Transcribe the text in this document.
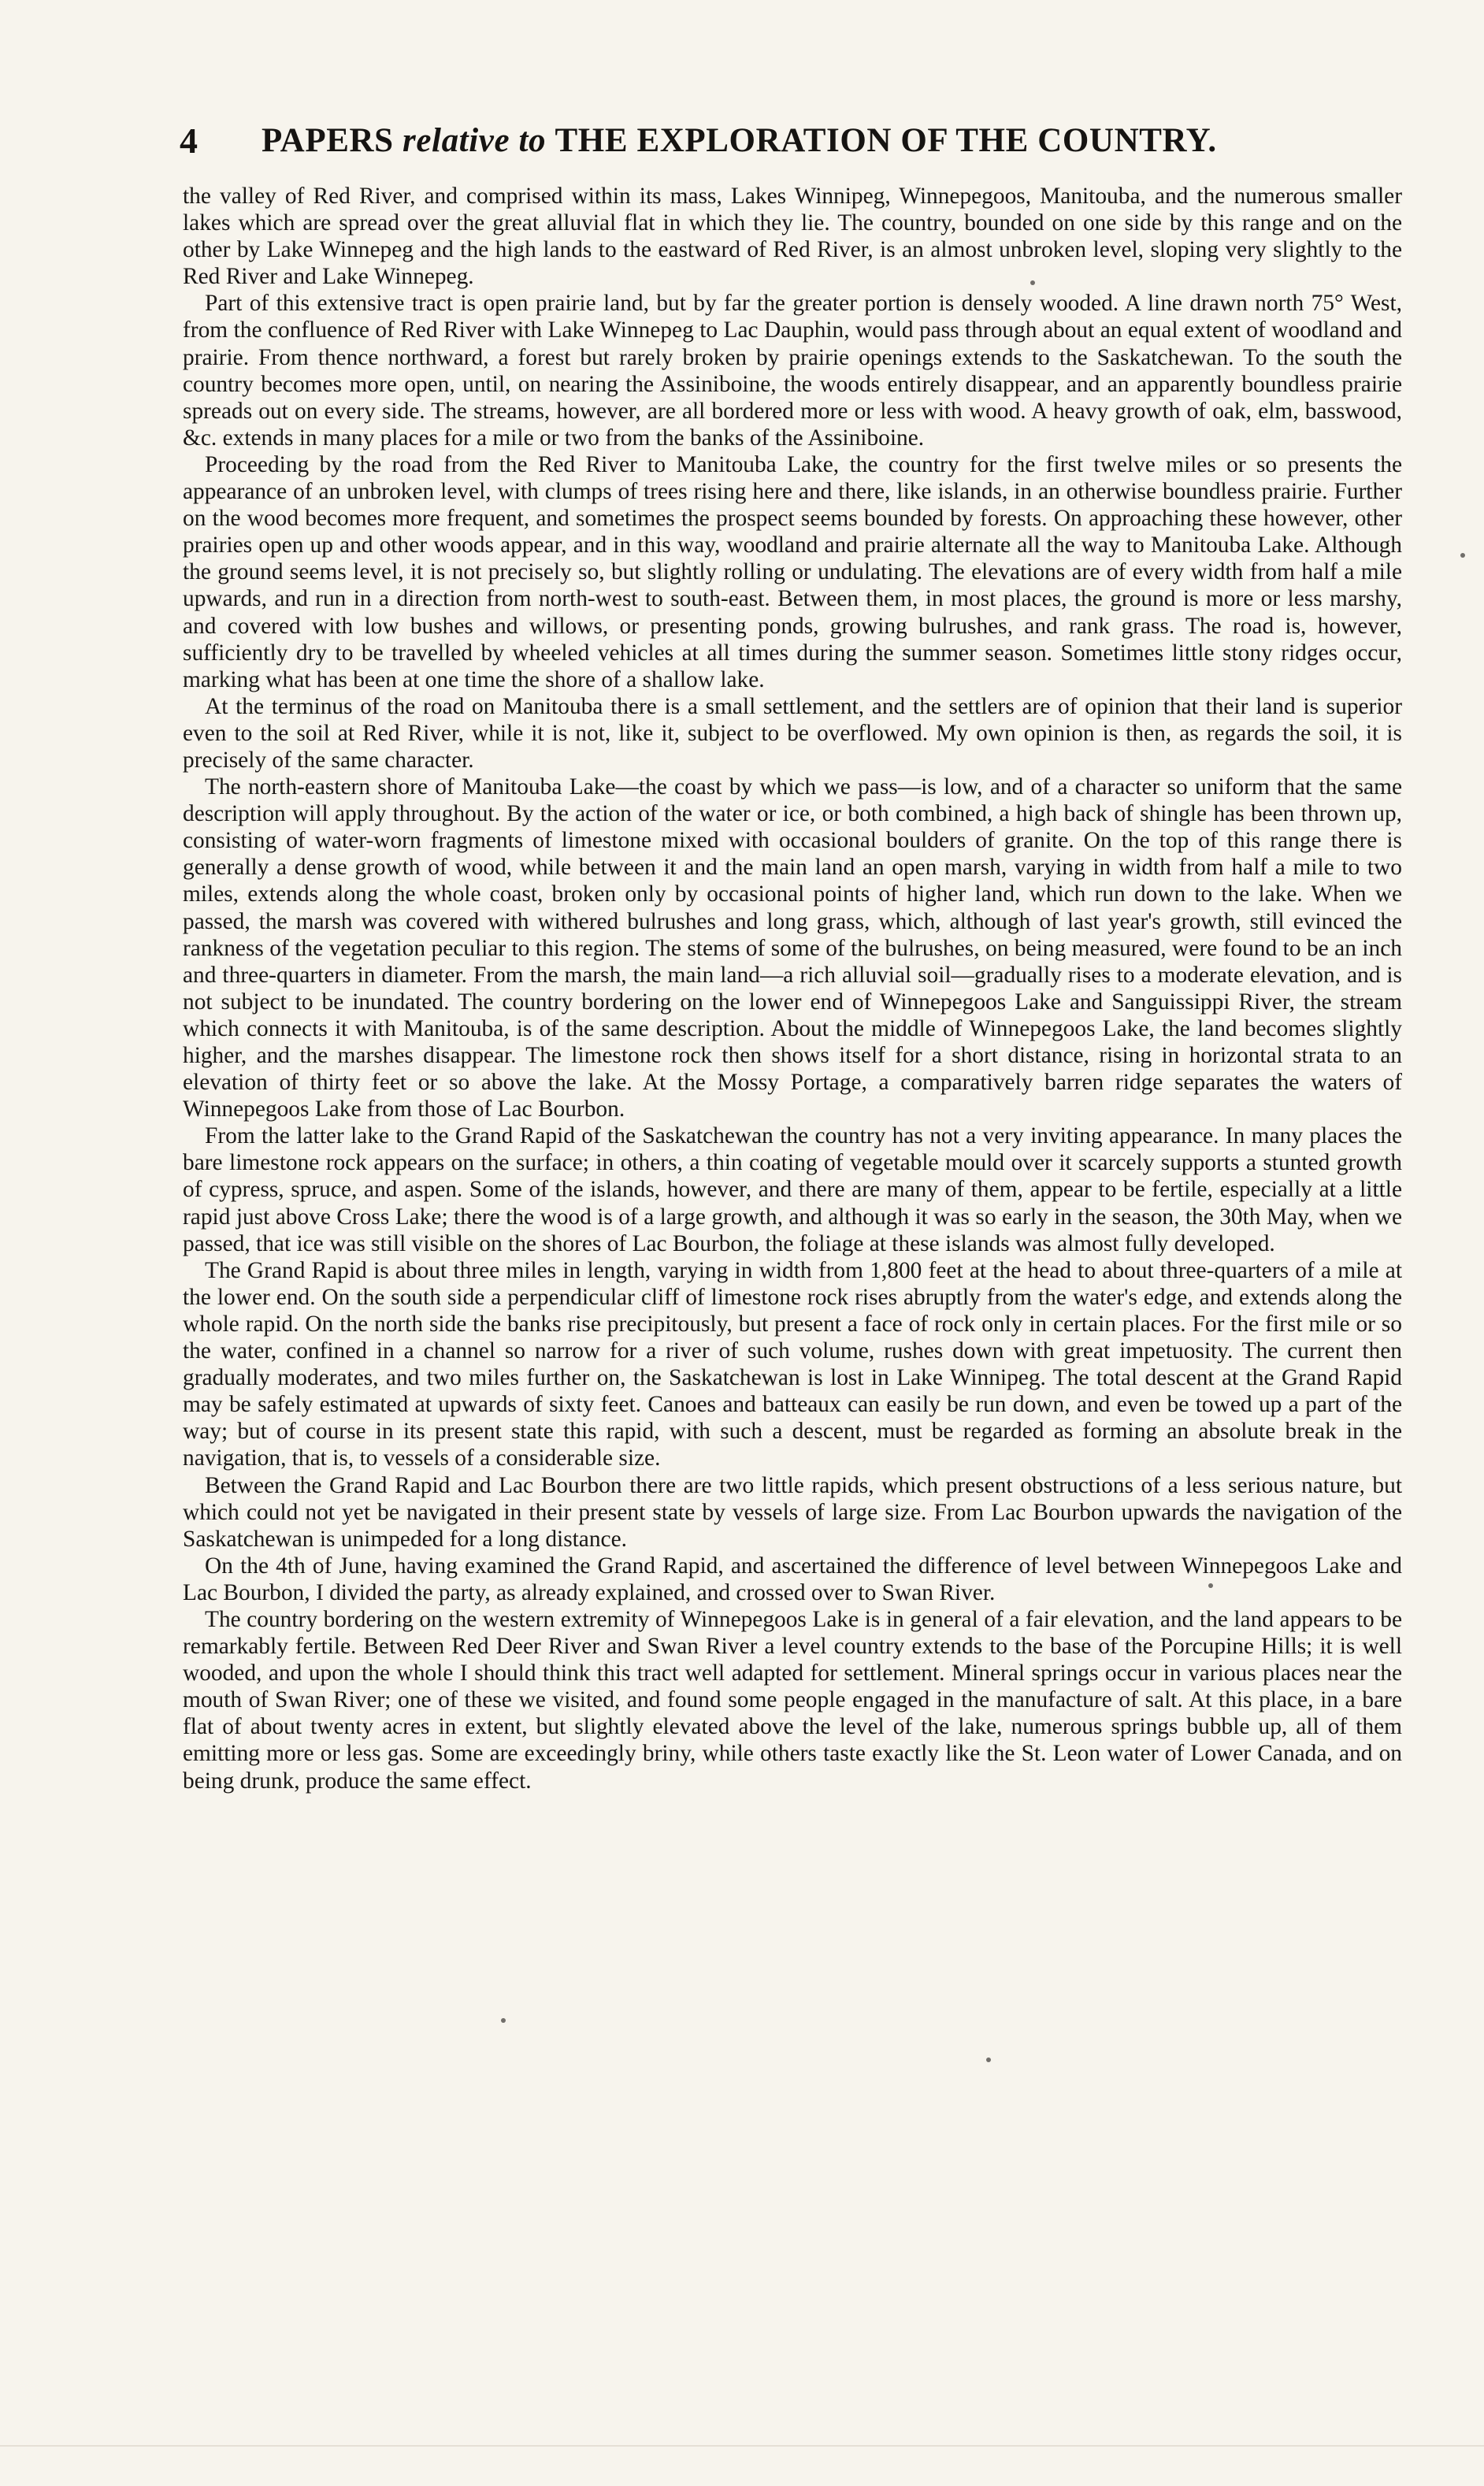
4 PAPERS relative to THE EXPLORATION OF THE COUNTRY.

the valley of Red River, and comprised within its mass, Lakes Winnipeg, Winnepegoos, Manitouba, and the numerous smaller lakes which are spread over the great alluvial flat in which they lie. The country, bounded on one side by this range and on the other by Lake Winnepeg and the high lands to the eastward of Red River, is an almost unbroken level, sloping very slightly to the Red River and Lake Winnepeg.

Part of this extensive tract is open prairie land, but by far the greater portion is densely wooded. A line drawn north 75° West, from the confluence of Red River with Lake Winnepeg to Lac Dauphin, would pass through about an equal extent of woodland and prairie. From thence northward, a forest but rarely broken by prairie openings extends to the Saskatchewan. To the south the country becomes more open, until, on nearing the Assiniboine, the woods entirely disappear, and an apparently boundless prairie spreads out on every side. The streams, however, are all bordered more or less with wood. A heavy growth of oak, elm, basswood, &c. extends in many places for a mile or two from the banks of the Assiniboine.

Proceeding by the road from the Red River to Manitouba Lake, the country for the first twelve miles or so presents the appearance of an unbroken level, with clumps of trees rising here and there, like islands, in an otherwise boundless prairie. Further on the wood becomes more frequent, and sometimes the prospect seems bounded by forests. On approaching these however, other prairies open up and other woods appear, and in this way, woodland and prairie alternate all the way to Manitouba Lake. Although the ground seems level, it is not precisely so, but slightly rolling or undulating. The elevations are of every width from half a mile upwards, and run in a direction from north-west to south-east. Between them, in most places, the ground is more or less marshy, and covered with low bushes and willows, or presenting ponds, growing bulrushes, and rank grass. The road is, however, sufficiently dry to be travelled by wheeled vehicles at all times during the summer season. Sometimes little stony ridges occur, marking what has been at one time the shore of a shallow lake.

At the terminus of the road on Manitouba there is a small settlement, and the settlers are of opinion that their land is superior even to the soil at Red River, while it is not, like it, subject to be overflowed. My own opinion is then, as regards the soil, it is precisely of the same character.

The north-eastern shore of Manitouba Lake—the coast by which we pass—is low, and of a character so uniform that the same description will apply throughout. By the action of the water or ice, or both combined, a high back of shingle has been thrown up, consisting of water-worn fragments of limestone mixed with occasional boulders of granite. On the top of this range there is generally a dense growth of wood, while between it and the main land an open marsh, varying in width from half a mile to two miles, extends along the whole coast, broken only by occasional points of higher land, which run down to the lake. When we passed, the marsh was covered with withered bulrushes and long grass, which, although of last year's growth, still evinced the rankness of the vegetation peculiar to this region. The stems of some of the bulrushes, on being measured, were found to be an inch and three-quarters in diameter. From the marsh, the main land—a rich alluvial soil—gradually rises to a moderate elevation, and is not subject to be inundated. The country bordering on the lower end of Winnepegoos Lake and Sanguissippi River, the stream which connects it with Manitouba, is of the same description. About the middle of Winnepegoos Lake, the land becomes slightly higher, and the marshes disappear. The limestone rock then shows itself for a short distance, rising in horizontal strata to an elevation of thirty feet or so above the lake. At the Mossy Portage, a comparatively barren ridge separates the waters of Winnepegoos Lake from those of Lac Bourbon.

From the latter lake to the Grand Rapid of the Saskatchewan the country has not a very inviting appearance. In many places the bare limestone rock appears on the surface; in others, a thin coating of vegetable mould over it scarcely supports a stunted growth of cypress, spruce, and aspen. Some of the islands, however, and there are many of them, appear to be fertile, especially at a little rapid just above Cross Lake; there the wood is of a large growth, and although it was so early in the season, the 30th May, when we passed, that ice was still visible on the shores of Lac Bourbon, the foliage at these islands was almost fully developed.

The Grand Rapid is about three miles in length, varying in width from 1,800 feet at the head to about three-quarters of a mile at the lower end. On the south side a perpendicular cliff of limestone rock rises abruptly from the water's edge, and extends along the whole rapid. On the north side the banks rise precipitously, but present a face of rock only in certain places. For the first mile or so the water, confined in a channel so narrow for a river of such volume, rushes down with great impetuosity. The current then gradually moderates, and two miles further on, the Saskatchewan is lost in Lake Winnipeg. The total descent at the Grand Rapid may be safely estimated at upwards of sixty feet. Canoes and batteaux can easily be run down, and even be towed up a part of the way; but of course in its present state this rapid, with such a descent, must be regarded as forming an absolute break in the navigation, that is, to vessels of a considerable size.

Between the Grand Rapid and Lac Bourbon there are two little rapids, which present obstructions of a less serious nature, but which could not yet be navigated in their present state by vessels of large size. From Lac Bourbon upwards the navigation of the Saskatchewan is unimpeded for a long distance.

On the 4th of June, having examined the Grand Rapid, and ascertained the difference of level between Winnepegoos Lake and Lac Bourbon, I divided the party, as already explained, and crossed over to Swan River.

The country bordering on the western extremity of Winnepegoos Lake is in general of a fair elevation, and the land appears to be remarkably fertile. Between Red Deer River and Swan River a level country extends to the base of the Porcupine Hills; it is well wooded, and upon the whole I should think this tract well adapted for settlement. Mineral springs occur in various places near the mouth of Swan River; one of these we visited, and found some people engaged in the manufacture of salt. At this place, in a bare flat of about twenty acres in extent, but slightly elevated above the level of the lake, numerous springs bubble up, all of them emitting more or less gas. Some are exceedingly briny, while others taste exactly like the St. Leon water of Lower Canada, and on being drunk, produce the same effect.
